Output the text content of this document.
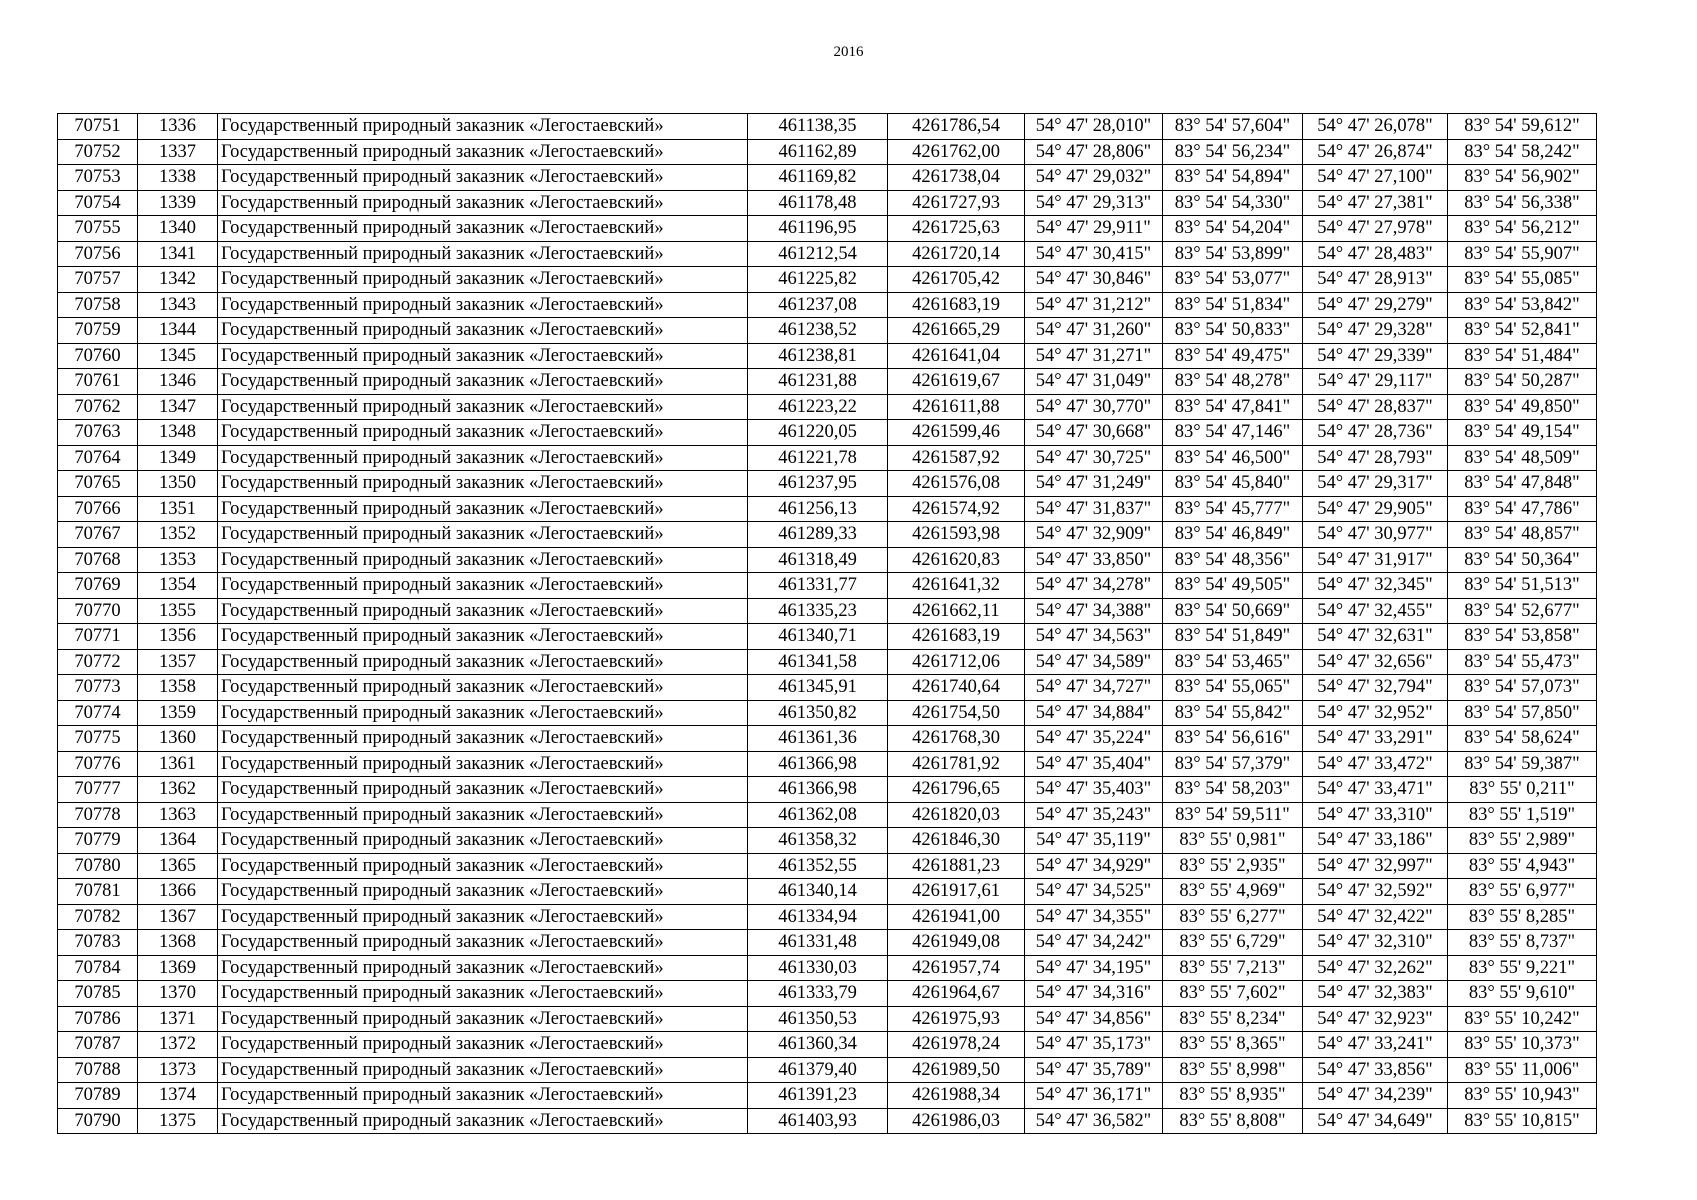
2016
70751	1336	Государственный природный заказник «Легостаевский»	461138,35	4261786,54	54° 47' 28,010"	83° 54' 57,604"	54° 47' 26,078"	83° 54' 59,612"
70752	1337	Государственный природный заказник «Легостаевский»	461162,89	4261762,00	54° 47' 28,806"	83° 54' 56,234"	54° 47' 26,874"	83° 54' 58,242"
70753	1338	Государственный природный заказник «Легостаевский»	461169,82	4261738,04	54° 47' 29,032"	83° 54' 54,894"	54° 47' 27,100"	83° 54' 56,902"
70754	1339	Государственный природный заказник «Легостаевский»	461178,48	4261727,93	54° 47' 29,313"	83° 54' 54,330"	54° 47' 27,381"	83° 54' 56,338"
70755	1340	Государственный природный заказник «Легостаевский»	461196,95	4261725,63	54° 47' 29,911"	83° 54' 54,204"	54° 47' 27,978"	83° 54' 56,212"
70756	1341	Государственный природный заказник «Легостаевский»	461212,54	4261720,14	54° 47' 30,415"	83° 54' 53,899"	54° 47' 28,483"	83° 54' 55,907"
70757	1342	Государственный природный заказник «Легостаевский»	461225,82	4261705,42	54° 47' 30,846"	83° 54' 53,077"	54° 47' 28,913"	83° 54' 55,085"
70758	1343	Государственный природный заказник «Легостаевский»	461237,08	4261683,19	54° 47' 31,212"	83° 54' 51,834"	54° 47' 29,279"	83° 54' 53,842"
70759	1344	Государственный природный заказник «Легостаевский»	461238,52	4261665,29	54° 47' 31,260"	83° 54' 50,833"	54° 47' 29,328"	83° 54' 52,841"
70760	1345	Государственный природный заказник «Легостаевский»	461238,81	4261641,04	54° 47' 31,271"	83° 54' 49,475"	54° 47' 29,339"	83° 54' 51,484"
70761	1346	Государственный природный заказник «Легостаевский»	461231,88	4261619,67	54° 47' 31,049"	83° 54' 48,278"	54° 47' 29,117"	83° 54' 50,287"
70762	1347	Государственный природный заказник «Легостаевский»	461223,22	4261611,88	54° 47' 30,770"	83° 54' 47,841"	54° 47' 28,837"	83° 54' 49,850"
70763	1348	Государственный природный заказник «Легостаевский»	461220,05	4261599,46	54° 47' 30,668"	83° 54' 47,146"	54° 47' 28,736"	83° 54' 49,154"
70764	1349	Государственный природный заказник «Легостаевский»	461221,78	4261587,92	54° 47' 30,725"	83° 54' 46,500"	54° 47' 28,793"	83° 54' 48,509"
70765	1350	Государственный природный заказник «Легостаевский»	461237,95	4261576,08	54° 47' 31,249"	83° 54' 45,840"	54° 47' 29,317"	83° 54' 47,848"
70766	1351	Государственный природный заказник «Легостаевский»	461256,13	4261574,92	54° 47' 31,837"	83° 54' 45,777"	54° 47' 29,905"	83° 54' 47,786"
70767	1352	Государственный природный заказник «Легостаевский»	461289,33	4261593,98	54° 47' 32,909"	83° 54' 46,849"	54° 47' 30,977"	83° 54' 48,857"
70768	1353	Государственный природный заказник «Легостаевский»	461318,49	4261620,83	54° 47' 33,850"	83° 54' 48,356"	54° 47' 31,917"	83° 54' 50,364"
70769	1354	Государственный природный заказник «Легостаевский»	461331,77	4261641,32	54° 47' 34,278"	83° 54' 49,505"	54° 47' 32,345"	83° 54' 51,513"
70770	1355	Государственный природный заказник «Легостаевский»	461335,23	4261662,11	54° 47' 34,388"	83° 54' 50,669"	54° 47' 32,455"	83° 54' 52,677"
70771	1356	Государственный природный заказник «Легостаевский»	461340,71	4261683,19	54° 47' 34,563"	83° 54' 51,849"	54° 47' 32,631"	83° 54' 53,858"
70772	1357	Государственный природный заказник «Легостаевский»	461341,58	4261712,06	54° 47' 34,589"	83° 54' 53,465"	54° 47' 32,656"	83° 54' 55,473"
70773	1358	Государственный природный заказник «Легостаевский»	461345,91	4261740,64	54° 47' 34,727"	83° 54' 55,065"	54° 47' 32,794"	83° 54' 57,073"
70774	1359	Государственный природный заказник «Легостаевский»	461350,82	4261754,50	54° 47' 34,884"	83° 54' 55,842"	54° 47' 32,952"	83° 54' 57,850"
70775	1360	Государственный природный заказник «Легостаевский»	461361,36	4261768,30	54° 47' 35,224"	83° 54' 56,616"	54° 47' 33,291"	83° 54' 58,624"
70776	1361	Государственный природный заказник «Легостаевский»	461366,98	4261781,92	54° 47' 35,404"	83° 54' 57,379"	54° 47' 33,472"	83° 54' 59,387"
70777	1362	Государственный природный заказник «Легостаевский»	461366,98	4261796,65	54° 47' 35,403"	83° 54' 58,203"	54° 47' 33,471"	83° 55' 0,211"
70778	1363	Государственный природный заказник «Легостаевский»	461362,08	4261820,03	54° 47' 35,243"	83° 54' 59,511"	54° 47' 33,310"	83° 55' 1,519"
70779	1364	Государственный природный заказник «Легостаевский»	461358,32	4261846,30	54° 47' 35,119"	83° 55' 0,981"	54° 47' 33,186"	83° 55' 2,989"
70780	1365	Государственный природный заказник «Легостаевский»	461352,55	4261881,23	54° 47' 34,929"	83° 55' 2,935"	54° 47' 32,997"	83° 55' 4,943"
70781	1366	Государственный природный заказник «Легостаевский»	461340,14	4261917,61	54° 47' 34,525"	83° 55' 4,969"	54° 47' 32,592"	83° 55' 6,977"
70782	1367	Государственный природный заказник «Легостаевский»	461334,94	4261941,00	54° 47' 34,355"	83° 55' 6,277"	54° 47' 32,422"	83° 55' 8,285"
70783	1368	Государственный природный заказник «Легостаевский»	461331,48	4261949,08	54° 47' 34,242"	83° 55' 6,729"	54° 47' 32,310"	83° 55' 8,737"
70784	1369	Государственный природный заказник «Легостаевский»	461330,03	4261957,74	54° 47' 34,195"	83° 55' 7,213"	54° 47' 32,262"	83° 55' 9,221"
70785	1370	Государственный природный заказник «Легостаевский»	461333,79	4261964,67	54° 47' 34,316"	83° 55' 7,602"	54° 47' 32,383"	83° 55' 9,610"
70786	1371	Государственный природный заказник «Легостаевский»	461350,53	4261975,93	54° 47' 34,856"	83° 55' 8,234"	54° 47' 32,923"	83° 55' 10,242"
70787	1372	Государственный природный заказник «Легостаевский»	461360,34	4261978,24	54° 47' 35,173"	83° 55' 8,365"	54° 47' 33,241"	83° 55' 10,373"
70788	1373	Государственный природный заказник «Легостаевский»	461379,40	4261989,50	54° 47' 35,789"	83° 55' 8,998"	54° 47' 33,856"	83° 55' 11,006"
70789	1374	Государственный природный заказник «Легостаевский»	461391,23	4261988,34	54° 47' 36,171"	83° 55' 8,935"	54° 47' 34,239"	83° 55' 10,943"
70790	1375	Государственный природный заказник «Легостаевский»	461403,93	4261986,03	54° 47' 36,582"	83° 55' 8,808"	54° 47' 34,649"	83° 55' 10,815"
